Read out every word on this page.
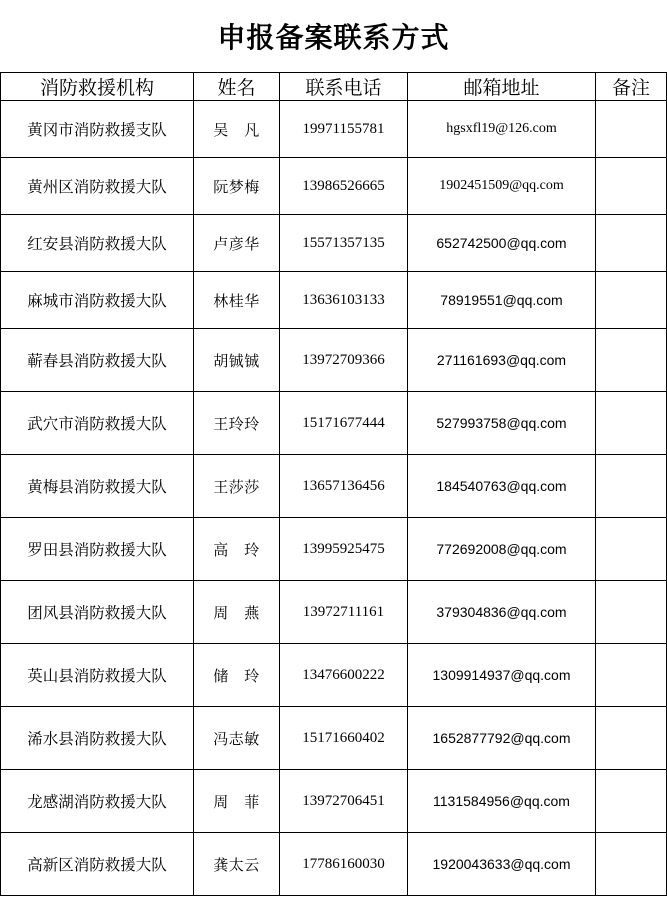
申报备案联系方式
消防救援机构	姓名	联系电话	邮箱地址	备注
黄冈市消防救援支队	吴　凡	19971155781	hgsxfl19@126.com	
黄州区消防救援大队	阮梦梅	13986526665	1902451509@qq.com	
红安县消防救援大队	卢彦华	15571357135	652742500@qq.com	
麻城市消防救援大队	林桂华	13636103133	78919551@qq.com	
蕲春县消防救援大队	胡铖铖	13972709366	271161693@qq.com	
武穴市消防救援大队	王玲玲	15171677444	527993758@qq.com	
黄梅县消防救援大队	王莎莎	13657136456	184540763@qq.com	
罗田县消防救援大队	高　玲	13995925475	772692008@qq.com	
团风县消防救援大队	周　燕	13972711161	379304836@qq.com	
英山县消防救援大队	储　玲	13476600222	1309914937@qq.com	
浠水县消防救援大队	冯志敏	15171660402	1652877792@qq.com	
龙感湖消防救援大队	周　菲	13972706451	1131584956@qq.com	
高新区消防救援大队	龚太云	17786160030	1920043633@qq.com	
